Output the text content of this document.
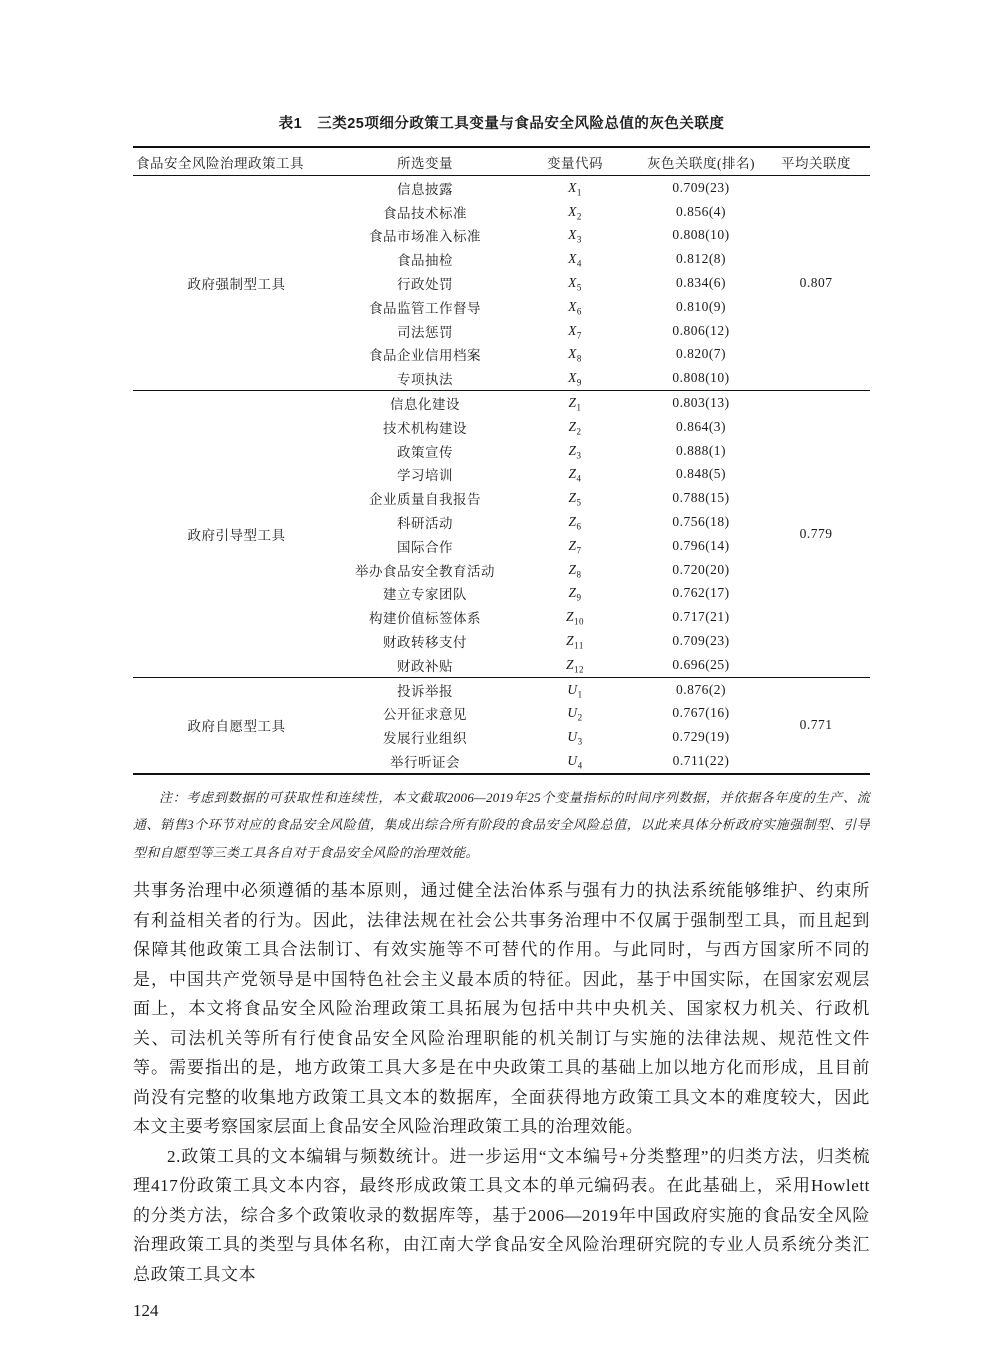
表1　三类25项细分政策工具变量与食品安全风险总值的灰色关联度
食品安全风险治理政策工具	所选变量	变量代码	灰色关联度(排名)	平均关联度
政府强制型工具	信息披露	$X_1$	0.709(23)	0.807
	食品技术标准	$X_2$	0.856(4)	
	食品市场准入标准	$X_3$	0.808(10)	
	食品抽检	$X_4$	0.812(8)	
	行政处罚	$X_5$	0.834(6)	
	食品监管工作督导	$X_6$	0.810(9)	
	司法惩罚	$X_7$	0.806(12)	
	食品企业信用档案	$X_8$	0.820(7)	
	专项执法	$X_9$	0.808(10)	
政府引导型工具	信息化建设	$Z_1$	0.803(13)	0.779
	技术机构建设	$Z_2$	0.864(3)	
	政策宣传	$Z_3$	0.888(1)	
	学习培训	$Z_4$	0.848(5)	
	企业质量自我报告	$Z_5$	0.788(15)	
	科研活动	$Z_6$	0.756(18)	
	国际合作	$Z_7$	0.796(14)	
	举办食品安全教育活动	$Z_8$	0.720(20)	
	建立专家团队	$Z_9$	0.762(17)	
	构建价值标签体系	$Z_{10}$	0.717(21)	
	财政转移支付	$Z_{11}$	0.709(23)	
	财政补贴	$Z_{12}$	0.696(25)	
政府自愿型工具	投诉举报	$U_1$	0.876(2)	0.771
	公开征求意见	$U_2$	0.767(16)	
	发展行业组织	$U_3$	0.729(19)	
	举行听证会	$U_4$	0.711(22)	
注：考虑到数据的可获取性和连续性，本文截取2006—2019年25个变量指标的时间序列数据，并依据各年度的生产、流通、销售3个环节对应的食品安全风险值，集成出综合所有阶段的食品安全风险总值，以此来具体分析政府实施强制型、引导型和自愿型等三类工具各自对于食品安全风险的治理效能。

共事务治理中必须遵循的基本原则，通过健全法治体系与强有力的执法系统能够维护、约束所有利益相关者的行为。因此，法律法规在社会公共事务治理中不仅属于强制型工具，而且起到保障其他政策工具合法制订、有效实施等不可替代的作用。与此同时，与西方国家所不同的是，中国共产党领导是中国特色社会主义最本质的特征。因此，基于中国实际，在国家宏观层面上，本文将食品安全风险治理政策工具拓展为包括中共中央机关、国家权力机关、行政机关、司法机关等所有行使食品安全风险治理职能的机关制订与实施的法律法规、规范性文件等。需要指出的是，地方政策工具大多是在中央政策工具的基础上加以地方化而形成，且目前尚没有完整的收集地方政策工具文本的数据库，全面获得地方政策工具文本的难度较大，因此本文主要考察国家层面上食品安全风险治理政策工具的治理效能。

2.政策工具的文本编辑与频数统计。进一步运用“文本编号+分类整理”的归类方法，归类梳理417份政策工具文本内容，最终形成政策工具文本的单元编码表。在此基础上，采用Howlett的分类方法，综合多个政策收录的数据库等，基于2006—2019年中国政府实施的食品安全风险治理政策工具的类型与具体名称，由江南大学食品安全风险治理研究院的专业人员系统分类汇总政策工具文本

124
